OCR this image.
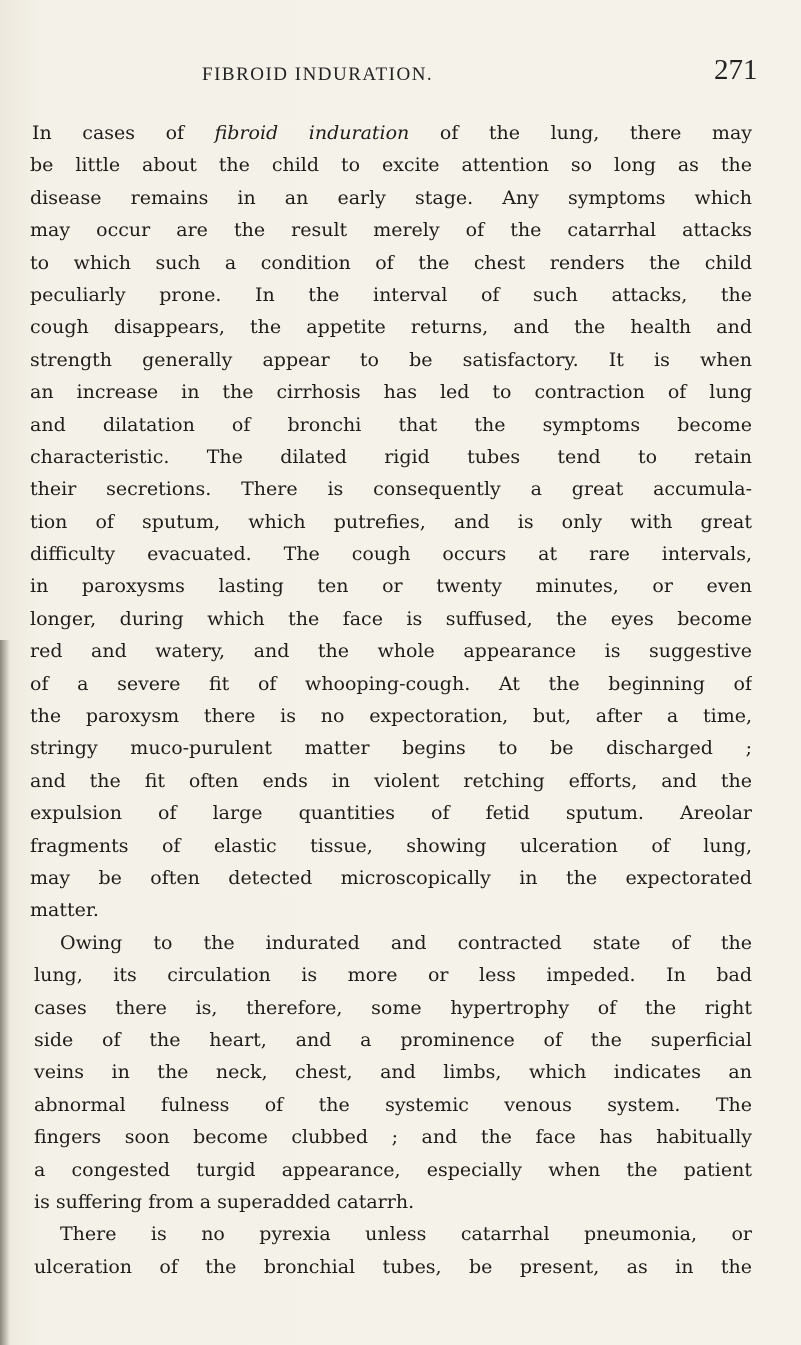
FIBROID INDURATION.	271
In cases of fibroid induration of the lung, there may
be little about the child to excite attention so long as the
disease remains in an early stage. Any symptoms which
may occur are the result merely of the catarrhal attacks
to which such a condition of the chest renders the child
peculiarly prone. In the interval of such attacks, the
cough disappears, the appetite returns, and the health and
strength generally appear to be satisfactory. It is when
an increase in the cirrhosis has led to contraction of lung
and dilatation of bronchi that the symptoms become
characteristic. The dilated rigid tubes tend to retain
their secretions. There is consequently a great accumula-
tion of sputum, which putrefies, and is only with great
difficulty evacuated. The cough occurs at rare intervals,
in paroxysms lasting ten or twenty minutes, or even
longer, during which the face is suffused, the eyes become
red and watery, and the whole appearance is suggestive
of a severe fit of whooping-cough. At the beginning of
the paroxysm there is no expectoration, but, after a time,
stringy muco-purulent matter begins to be discharged ;
and the fit often ends in violent retching efforts, and the
expulsion of large quantities of fetid sputum. Areolar
fragments of elastic tissue, showing ulceration of lung,
may be often detected microscopically in the expectorated
matter.
Owing to the indurated and contracted state of the
lung, its circulation is more or less impeded. In bad
cases there is, therefore, some hypertrophy of the right
side of the heart, and a prominence of the superficial
veins in the neck, chest, and limbs, which indicates an
abnormal fulness of the systemic venous system. The
fingers soon become clubbed ; and the face has habitually
a congested turgid appearance, especially when the patient
is suffering from a superadded catarrh.
There is no pyrexia unless catarrhal pneumonia, or
ulceration of the bronchial tubes, be present, as in the
